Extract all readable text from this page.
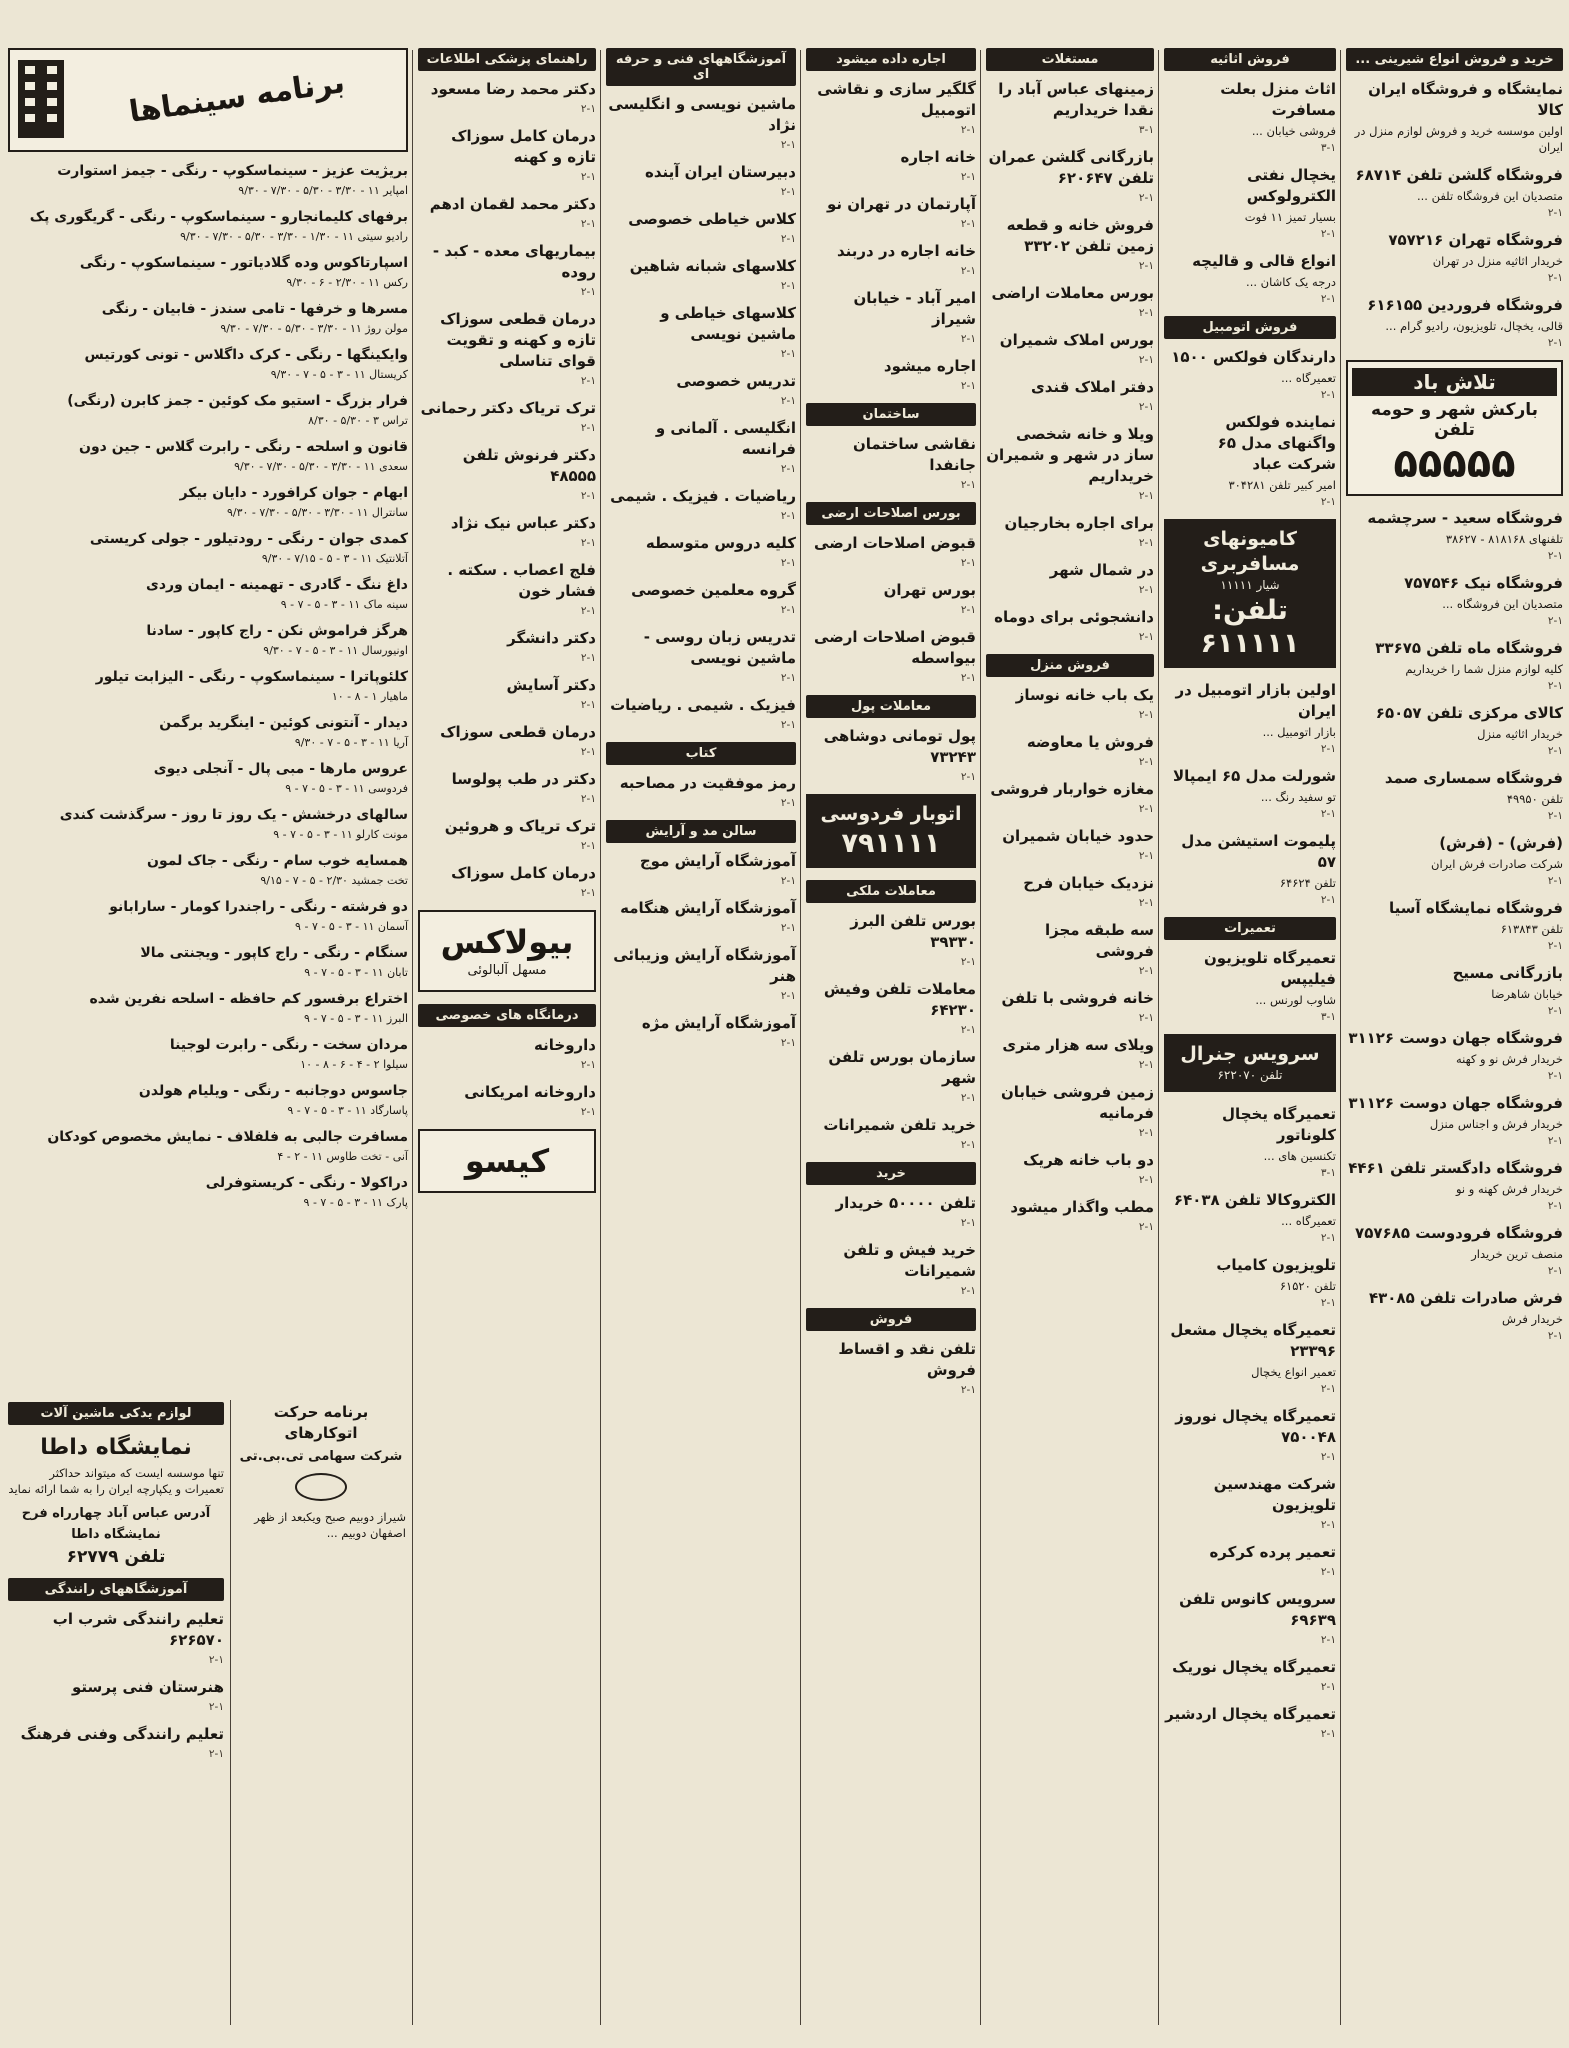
خرید و فروش انواع شیرینی ...
نمایشگاه و فروشگاه ایران کالا
اولین موسسه خرید و فروش لوازم منزل در ایران
فروشگاه گلشن تلفن ۶۸۷۱۴
متصدیان این فروشگاه تلفن ...
۲-۱
فروشگاه تهران ۷۵۷۲۱۶
خریدار اثاثیه منزل در تهران
۲-۱
فروشگاه فروردین ۶۱۶۱۵۵
قالی، یخچال، تلویزیون، رادیو گرام ...
۲-۱
تلاش باد
بارکش شهر و حومه تلفن
۵۵۵۵۵
فروشگاه سعید - سرچشمه
تلفنهای ۸۱۸۱۶۸ - ۳۸۶۲۷
۲-۱
فروشگاه نیک ۷۵۷۵۴۶
متصدیان این فروشگاه ...
۲-۱
فروشگاه ماه تلفن ۳۳۶۷۵
کلیه لوازم منزل شما را خریداریم
۲-۱
کالای مرکزی تلفن ۶۵۰۵۷
خریدار اثاثیه منزل
۲-۱
فروشگاه سمساری صمد
تلفن ۴۹۹۵۰
۲-۱
(فرش) - (فرش)
شرکت صادرات فرش ایران
۲-۱
فروشگاه نمایشگاه آسیا
تلفن ۶۱۳۸۴۳
۲-۱
بازرگانی مسیح
خیابان شاهرضا
۲-۱
فروشگاه جهان دوست ۳۱۱۲۶
خریدار فرش نو و کهنه
۲-۱
فروشگاه جهان دوست ۳۱۱۲۶
خریدار فرش و اجناس منزل
۲-۱
فروشگاه دادگستر تلفن ۴۴۶۱
خریدار فرش کهنه و نو
۲-۱
فروشگاه فرودوست ۷۵۷۶۸۵
منصف ترین خریدار
۲-۱
فرش صادرات تلفن ۴۳۰۸۵
خریدار فرش
۲-۱
فروش اثاثیه
اثاث منزل بعلت مسافرت
فروشی خیابان ...
۳-۱
یخچال نفتی الکترولوکس
بسیار تمیز ۱۱ فوت
۲-۱
انواع قالی و قالیچه
درجه یک کاشان ...
۲-۱
فروش اتومبیل
دارندگان فولکس ۱۵۰۰
تعمیرگاه ...
۲-۱
نماینده فولکس واگنهای مدل ۶۵ شرکت عباد
امیر کبیر تلفن ۳۰۴۲۸۱
۲-۱
کامیونهای مسافربری
شیار ۱۱۱۱۱
تلفن: ۶۱۱۱۱۱
اولین بازار اتومبیل در ایران
بازار اتومبیل ...
۲-۱
شورلت مدل ۶۵ ایمپالا
تو سفید رنگ ...
۲-۱
پلیموت استیشن مدل ۵۷
تلفن ۶۴۶۲۴
۲-۱
تعمیرات
تعمیرگاه تلویزیون فیلیپس
شاوب لورنس ...
۳-۱
سرویس جنرال
تلفن ۶۲۲۰۷۰
تعمیرگاه یخچال کلوناتور
تکنسین های ...
۳-۱
الکتروکالا تلفن ۶۴۰۳۸
تعمیرگاه ...
۲-۱
تلویزیون کامیاب
تلفن ۶۱۵۲۰
۲-۱
تعمیرگاه یخچال مشعل ۲۳۳۹۶
تعمیر انواع یخچال
۲-۱
تعمیرگاه یخچال نوروز ۷۵۰۰۴۸
۲-۱
شرکت مهندسین تلویزیون
۲-۱
تعمیر پرده کرکره
۲-۱
سرویس کانوس تلفن ۶۹۶۳۹
۲-۱
تعمیرگاه یخچال نوریک
۲-۱
تعمیرگاه یخچال اردشیر
۲-۱
مستغلات
زمینهای عباس آباد را نقدا خریداریم
۳-۱
بازرگانی گلشن عمران تلفن ۶۲۰۶۴۷
۲-۱
فروش خانه و قطعه زمین تلفن ۳۳۲۰۲
۲-۱
بورس معاملات اراضی
۲-۱
بورس املاک شمیران
۲-۱
دفتر املاک قندی
۲-۱
ویلا و خانه شخصی ساز در شهر و شمیران خریداریم
۲-۱
برای اجاره بخارجیان
۲-۱
در شمال شهر
۲-۱
دانشجوئی برای دوماه
۲-۱
فروش منزل
یک باب خانه نوساز
۲-۱
فروش یا معاوضه
۲-۱
مغازه خواربار فروشی
۲-۱
حدود خیابان شمیران
۲-۱
نزدیک خیابان فرح
۲-۱
سه طبقه مجزا فروشی
۲-۱
خانه فروشی با تلفن
۲-۱
ویلای سه هزار متری
۲-۱
زمین فروشی خیابان فرمانیه
۲-۱
دو باب خانه هریک
۲-۱
مطب واگذار میشود
۲-۱
اجاره داده میشود
گلگیر سازی و نقاشی اتومبیل
۲-۱
خانه اجاره
۲-۱
آپارتمان در تهران نو
۲-۱
خانه اجاره در دربند
۲-۱
امیر آباد - خیابان شیراز
۲-۱
اجاره میشود
۲-۱
ساختمان
نقاشی ساختمان جانفدا
۲-۱
بورس اصلاحات ارضی
قبوض اصلاحات ارضی
۲-۱
بورس تهران
۲-۱
قبوض اصلاحات ارضی بیواسطه
۲-۱
معاملات پول
پول تومانی دوشاهی ۷۳۲۴۳
۲-۱
اتوبار فردوسی
۷۹۱۱۱۱
معاملات ملکی
بورس تلفن البرز ۳۹۳۳۰
۲-۱
معاملات تلفن وفیش ۶۴۲۳۰
۲-۱
سازمان بورس تلفن شهر
۲-۱
خرید تلفن شمیرانات
۲-۱
خرید
تلفن ۵۰۰۰۰ خریدار
۲-۱
خرید فیش و تلفن شمیرانات
۲-۱
فروش
تلفن نقد و اقساط فروش
۲-۱
آموزشگاههای فنی و حرفه ای
ماشین نویسی و انگلیسی نژاد
۲-۱
دبیرستان ایران آینده
۲-۱
کلاس خیاطی خصوصی
۲-۱
کلاسهای شبانه شاهین
۲-۱
کلاسهای خیاطی و ماشین نویسی
۲-۱
تدریس خصوصی
۲-۱
انگلیسی . آلمانی و فرانسه
۲-۱
ریاضیات . فیزیک . شیمی
۲-۱
کلیه دروس متوسطه
۲-۱
گروه معلمین خصوصی
۲-۱
تدریس زبان روسی - ماشین نویسی
۲-۱
فیزیک . شیمی . ریاضیات
۲-۱
کتاب
رمز موفقیت در مصاحبه
۲-۱
سالن مد و آرایش
آموزشگاه آرایش موج
۲-۱
آموزشگاه آرایش هنگامه
۲-۱
آموزشگاه آرایش وزیبائی هنر
۲-۱
آموزشگاه آرایش مژه
۲-۱
راهنمای پزشکی اطلاعات
دکتر محمد رضا مسعود
۲-۱
درمان کامل سوزاک تازه و کهنه
۲-۱
دکتر محمد لقمان ادهم
۲-۱
بیماریهای معده - کبد - روده
۲-۱
درمان قطعی سوزاک تازه و کهنه و تقویت قوای تناسلی
۲-۱
ترک تریاک دکتر رحمانی
۲-۱
دکتر فرنوش تلفن ۴۸۵۵۵
۲-۱
دکتر عباس نیک نژاد
۲-۱
فلج اعصاب . سکته . فشار خون
۲-۱
دکتر دانشگر
۲-۱
دکتر آسایش
۲-۱
درمان قطعی سوزاک
۲-۱
دکتر در طب پولوسا
۲-۱
ترک تریاک و هروئین
۲-۱
درمان کامل سوزاک
۲-۱
بیولاکس
مسهل آلبالوئی
درمانگاه های خصوصی
داروخانه
۲-۱
داروخانه امریکانی
۲-۱
کیسو
برنامه سینماها
بریژیت عزیز - سینماسکوپ - رنگی - جیمز استوارت
امپایر ۱۱ - ۳/۳۰ - ۵/۳۰ - ۷/۳۰ - ۹/۳۰
برفهای کلیمانجارو - سینماسکوپ - رنگی - گریگوری پک
رادیو سیتی ۱۱ - ۱/۳۰ - ۳/۳۰ - ۵/۳۰ - ۷/۳۰ - ۹/۳۰
اسپارتاکوس وده گلادیاتور - سینماسکوپ - رنگی
رکس ۱۱ - ۲/۳۰ - ۶ - ۹/۳۰
مسرها و خرفها - تامی سندز - فابیان - رنگی
مولن روژ ۱۱ - ۳/۳۰ - ۵/۳۰ - ۷/۳۰ - ۹/۳۰
وایکینگها - رنگی - کرک داگلاس - تونی کورتیس
کریستال ۱۱ - ۳ - ۵ - ۷ - ۹/۳۰
فرار بزرگ - استیو مک کوئین - جمز کابرن (رنگی)
تراس ۳ - ۵/۳۰ - ۸/۳۰
قانون و اسلحه - رنگی - رابرت گلاس - جین دون
سعدی ۱۱ - ۳/۳۰ - ۵/۳۰ - ۷/۳۰ - ۹/۳۰
ابهام - جوان کرافورد - دایان بیکر
سانترال ۱۱ - ۳/۳۰ - ۵/۳۰ - ۷/۳۰ - ۹/۳۰
کمدی جوان - رنگی - رودتیلور - جولی کریستی
آتلانتیک ۱۱ - ۳ - ۵ - ۷/۱۵ - ۹/۳۰
داغ ننگ - گادری - تهمینه - ایمان وردی
سینه ماک ۱۱ - ۳ - ۵ - ۷ - ۹
هرگز فراموش نکن - راج کاپور - سادنا
اونیورسال ۱۱ - ۳ - ۵ - ۷ - ۹/۳۰
کلئوپاترا - سینماسکوپ - رنگی - الیزابت تیلور
ماهیار ۱ - ۸ - ۱۰
دیدار - آنتونی کوئین - اینگرید برگمن
آریا ۱۱ - ۳ - ۵ - ۷ - ۹/۳۰
عروس مارها - مبی پال - آنجلی دیوی
فردوسی ۱۱ - ۳ - ۵ - ۷ - ۹
سالهای درخشش - یک روز تا روز - سرگذشت کندی
مونت کارلو ۱۱ - ۳ - ۵ - ۷ - ۹
همسایه خوب سام - رنگی - جاک لمون
تخت جمشید ۲/۳۰ - ۵ - ۷ - ۹/۱۵
دو فرشته - رنگی - راجندرا کومار - سارابانو
آسمان ۱۱ - ۳ - ۵ - ۷ - ۹
سنگام - رنگی - راج کاپور - ویجنتی مالا
تابان ۱۱ - ۳ - ۵ - ۷ - ۹
اختراع برفسور کم حافظه - اسلحه نفرین شده
البرز ۱۱ - ۳ - ۵ - ۷ - ۹
مردان سخت - رنگی - رابرت لوجینا
سیلوا ۲ - ۴ - ۶ - ۸ - ۱۰
جاسوس دوجانبه - رنگی - ویلیام هولدن
پاسارگاد ۱۱ - ۳ - ۵ - ۷ - ۹
مسافرت جالبی به فلفلاف - نمایش مخصوص کودکان
آنی - تخت طاوس ۱۱ - ۲ - ۴
دراکولا - رنگی - کریستوفرلی
پارک ۱۱ - ۳ - ۵ - ۷ - ۹
لوازم یدکی ماشین آلات
نمایشگاه داطا
تنها موسسه ایست که میتواند حداکثر تعمیرات و یکپارچه ایران را به شما ارائه نماید
آدرس عباس آباد چهارراه فرح نمایشگاه داطا
تلفن ۶۲۷۷۹
آموزشگاههای رانندگی
تعلیم رانندگی شرب اب ۶۲۶۵۷۰
۲-۱
هنرستان فنی پرستو
۲-۱
تعلیم رانندگی وفنی فرهنگ
۲-۱
برنامه حرکت اتوکارهای
شرکت سهامی تی.بی.تی
شیراز دوبیم صبح ویکبعد از ظهر اصفهان دوبیم ...
